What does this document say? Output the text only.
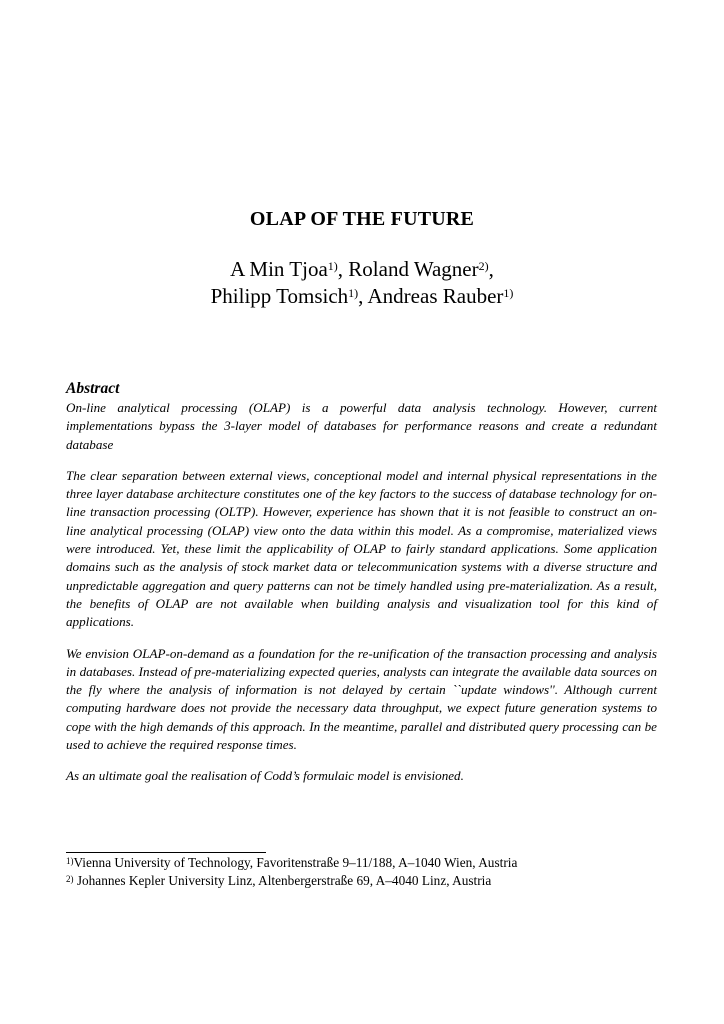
OLAP OF THE FUTURE
A Min Tjoa$^{1)}$, Roland Wagner$^{2)}$,
Philipp Tomsich$^{1)}$, Andreas Rauber$^{1)}$
Abstract

On-line analytical processing (OLAP) is a powerful data analysis technology. However, current implementations bypass the 3-layer model of databases for performance reasons and create a redundant database

The clear separation between external views, conceptional model and internal physical representations in the three layer database architecture constitutes one of the key factors to the success of database technology for on-line transaction processing (OLTP). However, experience has shown that it is not feasible to construct an on-line analytical processing (OLAP) view onto the data within this model. As a compromise, materialized views were introduced. Yet, these limit the applicability of OLAP to fairly standard applications. Some application domains such as the analysis of stock market data or telecommunication systems with a diverse structure and unpredictable aggregation and query patterns can not be timely handled using pre-materialization. As a result, the benefits of OLAP are not available when building analysis and visualization tool for this kind of applications.

We envision OLAP-on-demand as a foundation for the re-unification of the transaction processing and analysis in databases. Instead of pre-materializing expected queries, analysts can integrate the available data sources on the fly where the analysis of information is not delayed by certain ``update windows''. Although current computing hardware does not provide the necessary data throughput, we expect future generation systems to cope with the high demands of this approach. In the meantime, parallel and distributed query processing can be used to achieve the required response times.

As an ultimate goal the realisation of Codd’s formulaic model is envisioned.

$^{1)}$Vienna University of Technology, Favoritenstraße 9–11/188, A–1040 Wien, Austria
$^{2)}$ Johannes Kepler University Linz, Altenbergerstraße 69, A–4040 Linz, Austria
